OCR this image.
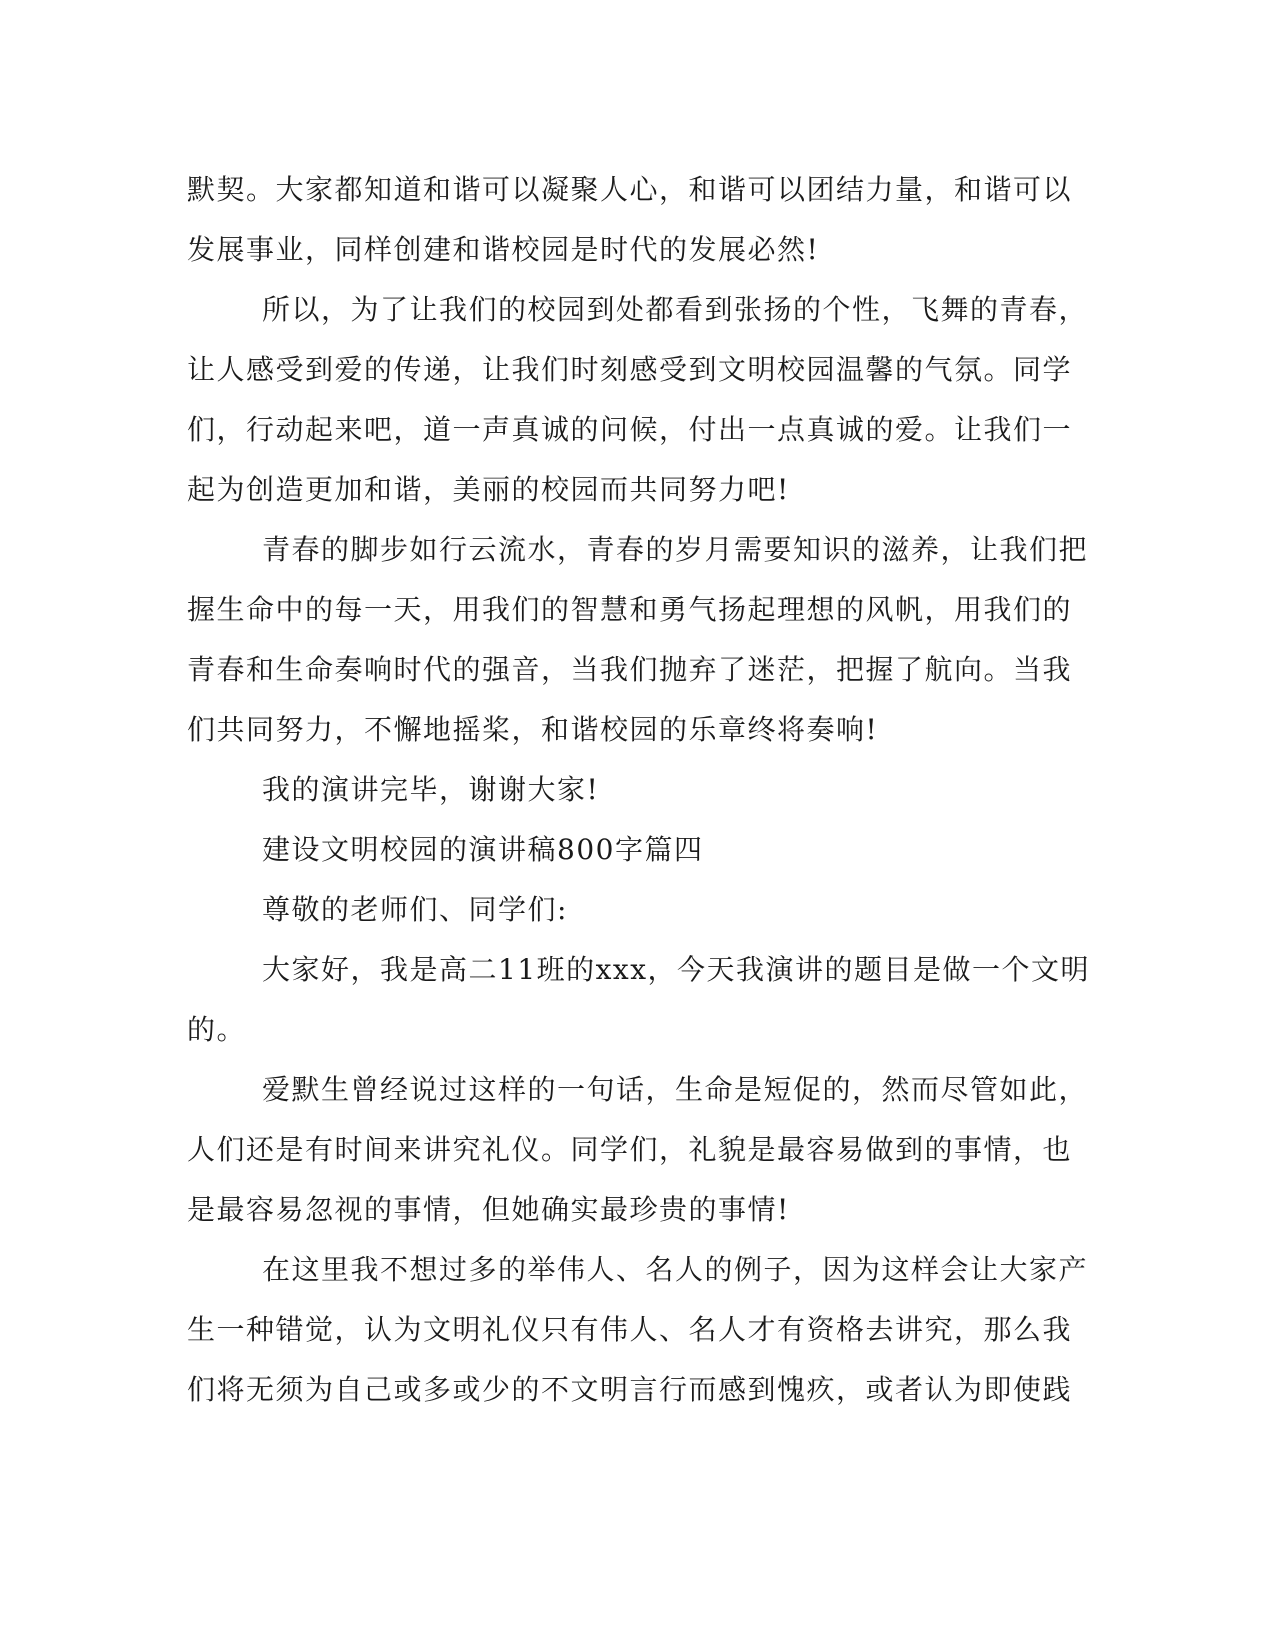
默契。大家都知道和谐可以凝聚人心，和谐可以团结力量，和谐可以
发展事业，同样创建和谐校园是时代的发展必然!
所以，为了让我们的校园到处都看到张扬的个性，飞舞的青春，
让人感受到爱的传递，让我们时刻感受到文明校园温馨的气氛。同学
们，行动起来吧，道一声真诚的问候，付出一点真诚的爱。让我们一
起为创造更加和谐，美丽的校园而共同努力吧!
青春的脚步如行云流水，青春的岁月需要知识的滋养，让我们把
握生命中的每一天，用我们的智慧和勇气扬起理想的风帆，用我们的
青春和生命奏响时代的强音，当我们抛弃了迷茫，把握了航向。当我
们共同努力，不懈地摇桨，和谐校园的乐章终将奏响!
我的演讲完毕，谢谢大家!
建设文明校园的演讲稿800字篇四
尊敬的老师们、同学们:
大家好，我是高二11班的xxx，今天我演讲的题目是做一个文明
的。
爱默生曾经说过这样的一句话，生命是短促的，然而尽管如此，
人们还是有时间来讲究礼仪。同学们，礼貌是最容易做到的事情，也
是最容易忽视的事情，但她确实最珍贵的事情!
在这里我不想过多的举伟人、名人的例子，因为这样会让大家产
生一种错觉，认为文明礼仪只有伟人、名人才有资格去讲究，那么我
们将无须为自己或多或少的不文明言行而感到愧疚，或者认为即使践
